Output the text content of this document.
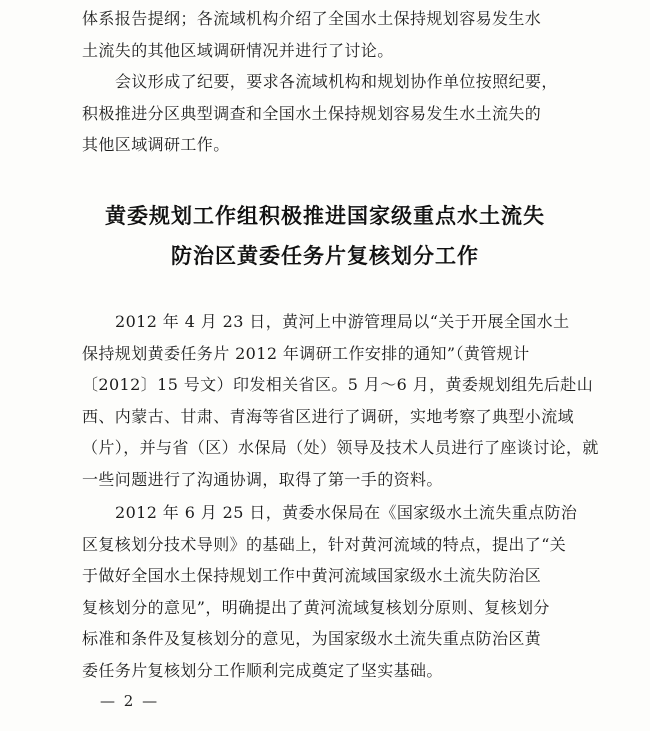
体系报告提纲；各流域机构介绍了全国水土保持规划容易发生水
土流失的其他区域调研情况并进行了讨论。
会议形成了纪要，要求各流域机构和规划协作单位按照纪要，
积极推进分区典型调查和全国水土保持规划容易发生水土流失的
其他区域调研工作。
黄委规划工作组积极推进国家级重点水土流失
防治区黄委任务片复核划分工作
2012 年 4 月 23 日，黄河上中游管理局以“关于开展全国水土
保持规划黄委任务片 2012 年调研工作安排的通知”（黄管规计
〔2012〕15 号文）印发相关省区。5 月～6 月，黄委规划组先后赴山
西、内蒙古、甘肃、青海等省区进行了调研，实地考察了典型小流域
（片），并与省（区）水保局（处）领导及技术人员进行了座谈讨论，就
一些问题进行了沟通协调，取得了第一手的资料。
2012 年 6 月 25 日，黄委水保局在《国家级水土流失重点防治
区复核划分技术导则》的基础上，针对黄河流域的特点，提出了“关
于做好全国水土保持规划工作中黄河流域国家级水土流失防治区
复核划分的意见”，明确提出了黄河流域复核划分原则、复核划分
标准和条件及复核划分的意见，为国家级水土流失重点防治区黄
委任务片复核划分工作顺利完成奠定了坚实基础。
— 2 —
